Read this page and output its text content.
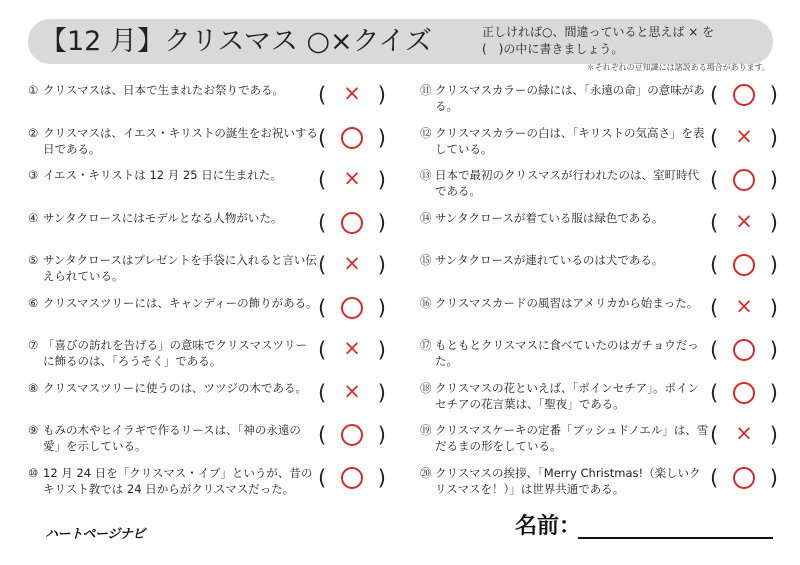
【12 月】クリスマス ○×クイズ	正しければ○、間違っていると思えば × を
(　)の中に書きましょう。
＊それぞれの豆知識には諸説ある場合があります。
① クリスマスは、日本で生まれたお祭りである。	( × )
② クリスマスは、イエス・キリストの誕生をお祝いする日である。	( ○ )
③ イエス・キリストは 12 月 25 日に生まれた。	( × )
④ サンタクロースにはモデルとなる人物がいた。	( ○ )
⑤ サンタクロースはプレゼントを手袋に入れると言い伝えられている。	( × )
⑥ クリスマスツリーには、キャンディーの飾りがある。 ( ○ )
⑦ 「喜びの訪れを告げる」の意味でクリスマスツリーに飾るのは、「ろうそく」である。	( × )
⑧ クリスマスツリーに使うのは、ツツジの木である。 ( × )
⑨ もみの木やヒイラギで作るリースは、「神の永遠の愛」を示している。	( ○ )
⑩ 12 月 24 日を「クリスマス・イブ」というが、昔のキリスト教では 24 日からがクリスマスだった。	( ○ )
⑪ クリスマスカラーの緑には、「永遠の命」の意味がある。	( ○ )
⑫ クリスマスカラーの白は、「キリストの気高さ」を表している。	( × )
⑬ 日本で最初のクリスマスが行われたのは、室町時代である。	( ○ )
⑭ サンタクロースが着ている服は緑色である。	( × )
⑮ サンタクロースが連れているのは犬である。	( ○ )
⑯ クリスマスカードの風習はアメリカから始まった。 ( × )
⑰ もともとクリスマスに食べていたのはガチョウだった。	( ○ )
⑱ クリスマスの花といえば、「ポインセチア」。ポインセチアの花言葉は、「聖夜」である。	( ○ )
⑲ クリスマスケーキの定番「ブッシュドノエル」は、雪だるまの形をしている。	( × )
⑳ クリスマスの挨拶、「Merry Christmas!（楽しいクリスマスを！）」は世界共通である。	( ○ )
ハートページナビ	名前：
